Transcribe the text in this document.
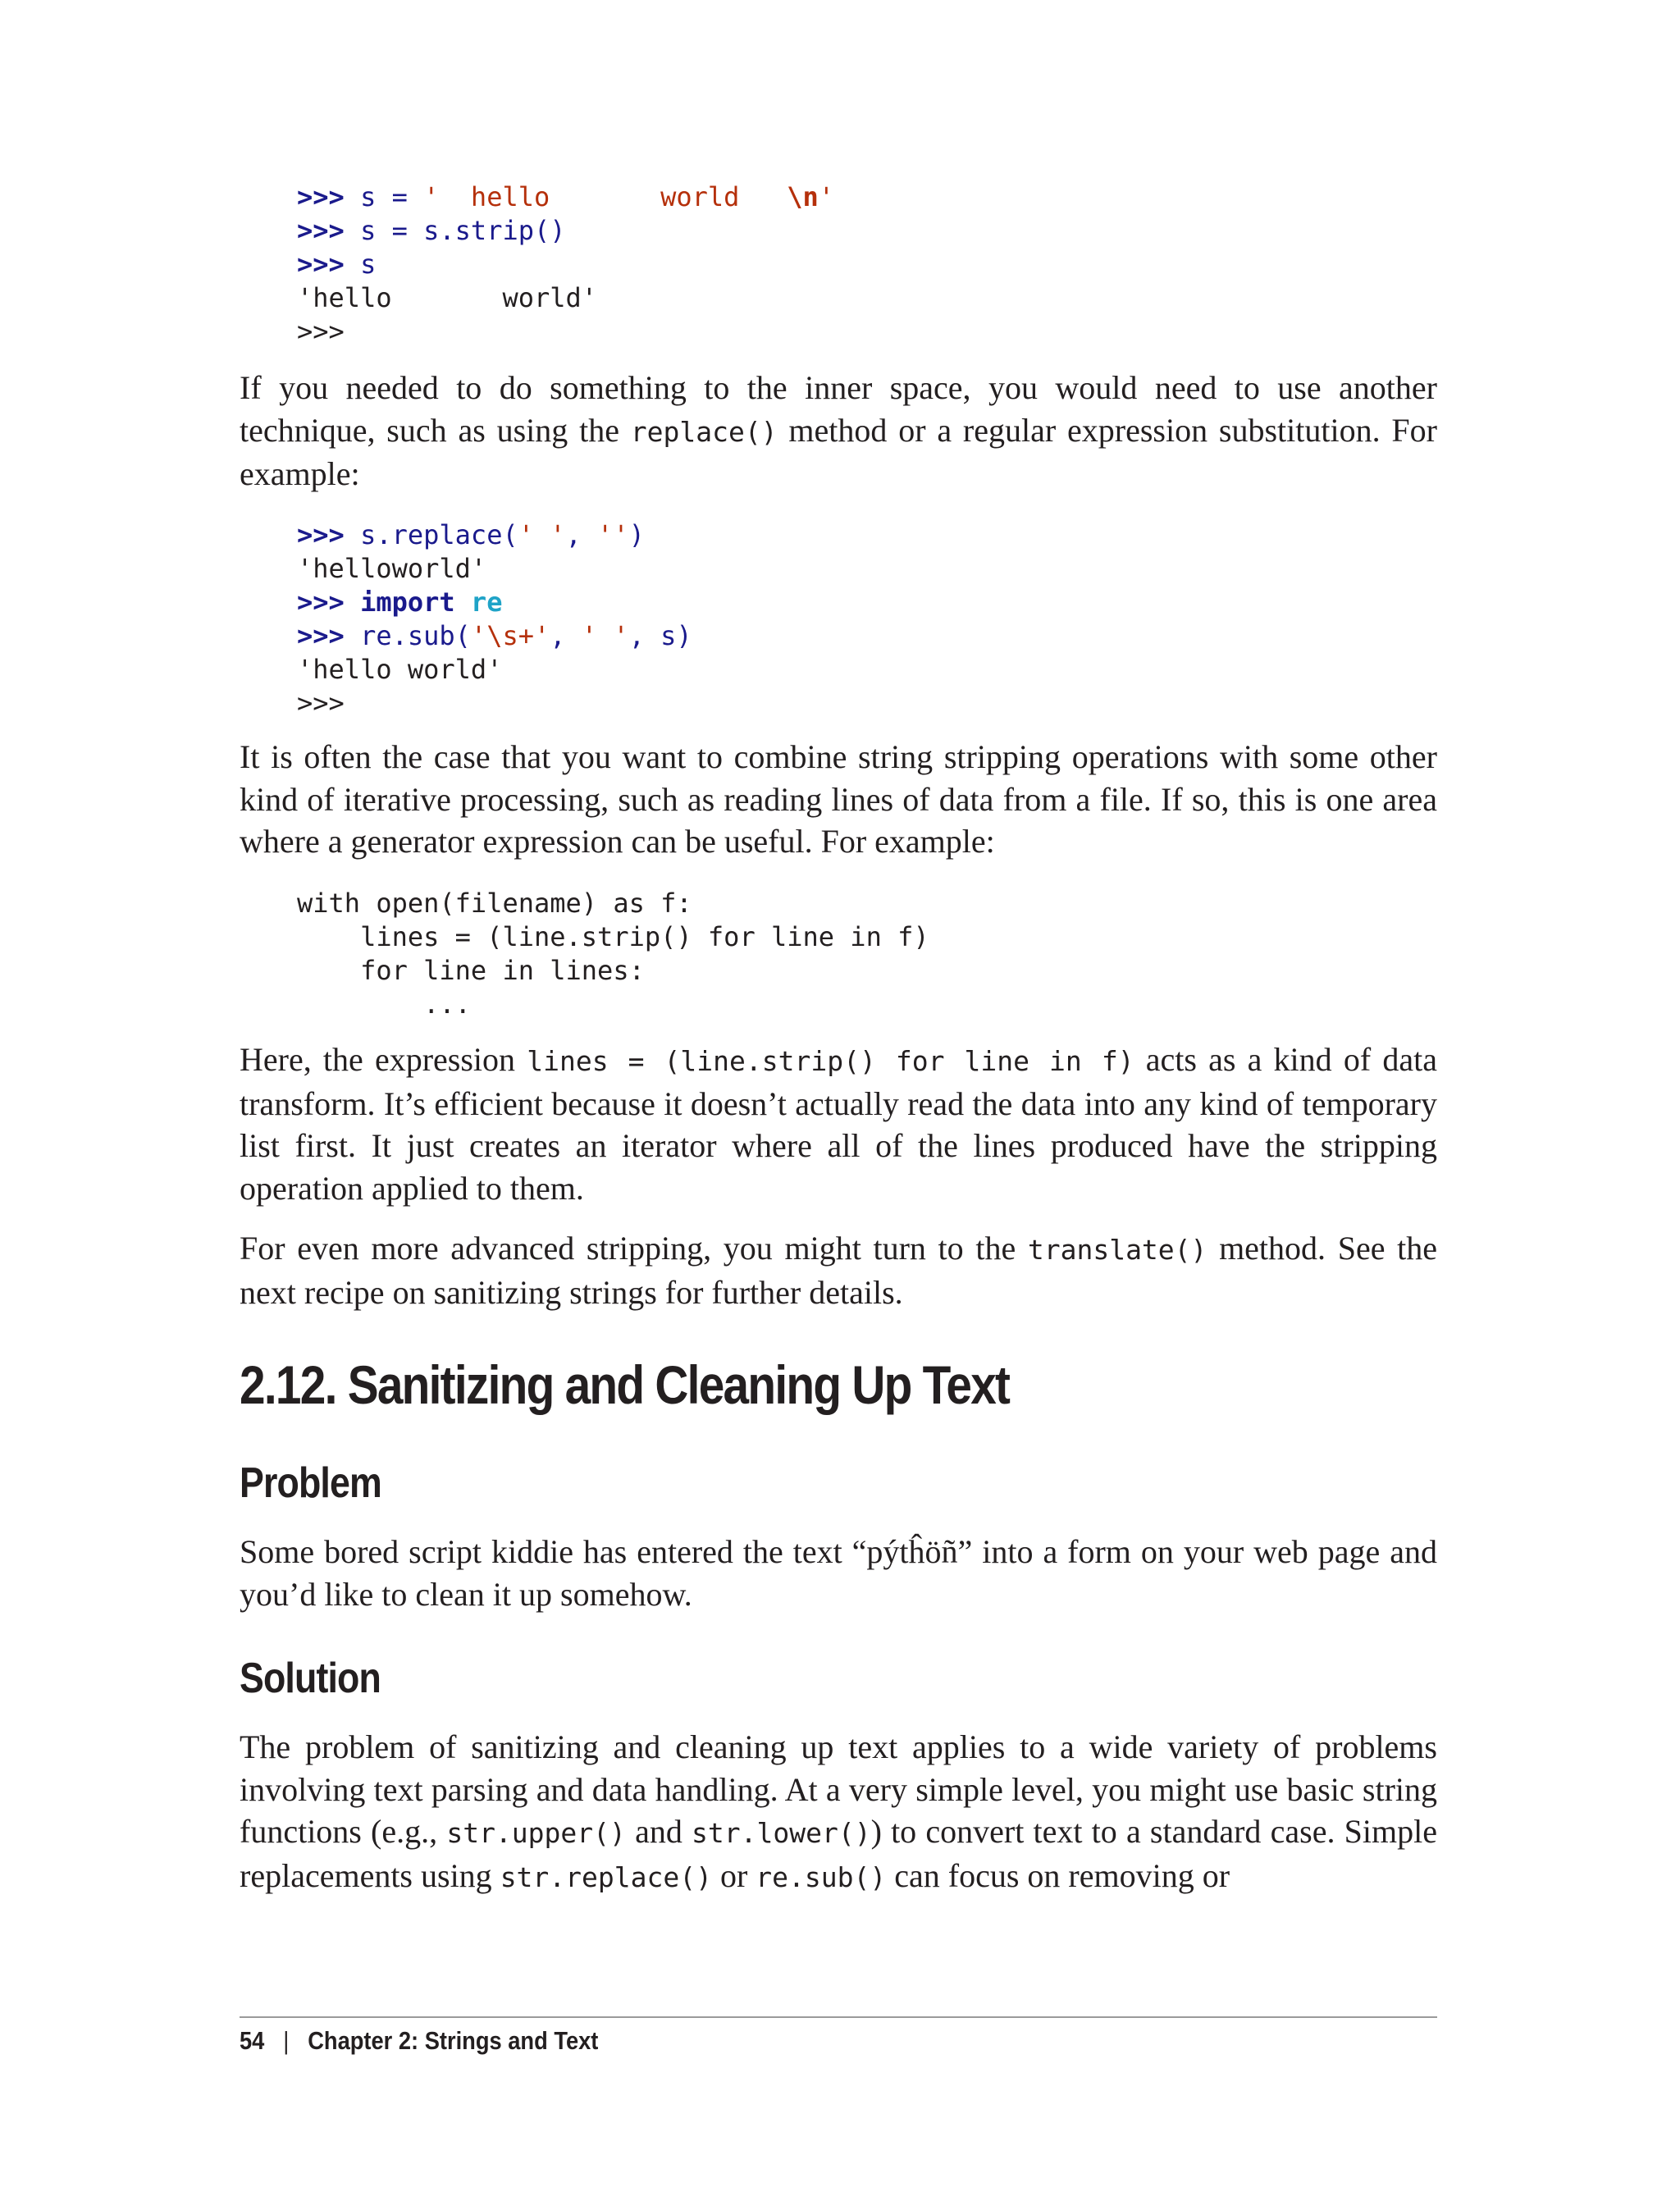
>>> s = '  hello       world   \n'
>>> s = s.strip()
>>> s
'hello       world'
>>>

If you needed to do something to the inner space, you would need to use another technique, such as using the replace() method or a regular expression substitution. For example:

>>> s.replace(' ', '')
'helloworld'
>>> import re
>>> re.sub('\s+', ' ', s)
'hello world'
>>>

It is often the case that you want to combine string stripping operations with some other kind of iterative processing, such as reading lines of data from a file. If so, this is one area where a generator expression can be useful. For example:

with open(filename) as f:
lines = (line.strip() for line in f)
for line in lines:
...

Here, the expression lines = (line.strip() for line in f) acts as a kind of data transform. It’s efficient because it doesn’t actually read the data into any kind of temporary list first. It just creates an iterator where all of the lines produced have the stripping operation applied to them.

For even more advanced stripping, you might turn to the translate() method. See the next recipe on sanitizing strings for further details.

2.12. Sanitizing and Cleaning Up Text
Problem

Some bored script kiddie has entered the text “pýtĥöñ” into a form on your web page and you’d like to clean it up somehow.

Solution

The problem of sanitizing and cleaning up text applies to a wide variety of problems involving text parsing and data handling. At a very simple level, you might use basic string functions (e.g., str.upper() and str.lower()) to convert text to a standard case. Simple replacements using str.replace() or re.sub() can focus on removing or

54 | Chapter 2: Strings and Text
